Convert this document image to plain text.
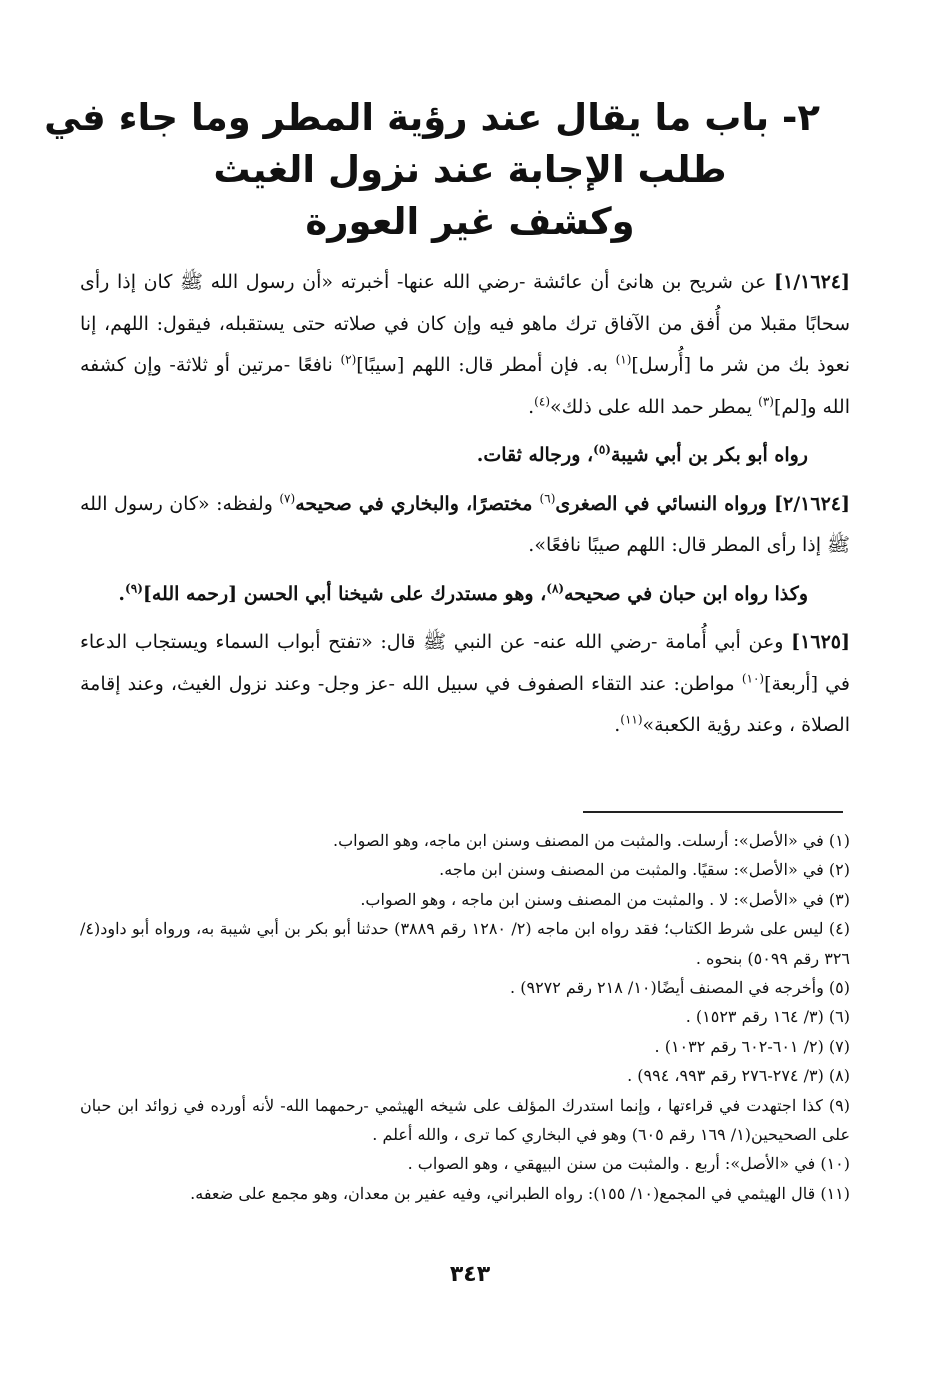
٢- باب ما يقال عند رؤية المطر وما جاء في
طلب الإجابة عند نزول الغيث
وكشف غير العورة

[١/١٦٢٤] عن شريح بن هانئ أن عائشة -رضي الله عنها- أخبرته «أن رسول الله ﷺ كان إذا رأى سحابًا مقبلا من أُفق من الآفاق ترك ماهو فيه وإن كان في صلاته حتى يستقبله، فيقول: اللهم، إنا نعوذ بك من شر ما [أُرسل]$^{(١)}$ به. فإن أمطر قال: اللهم [سيبًا]$^{(٢)}$ نافعًا -مرتين أو ثلاثة- وإن كشفه الله و[لم]$^{(٣)}$ يمطر حمد الله على ذلك»$^{(٤)}$.

رواه أبو بكر بن أبي شيبة$^{(٥)}$، ورجاله ثقات.

[٢/١٦٢٤] ورواه النسائي في الصغرى$^{(٦)}$ مختصرًا، والبخاري في صحيحه$^{(٧)}$ ولفظه: «كان رسول الله ﷺ إذا رأى المطر قال: اللهم صيبًا نافعًا».

وكذا رواه ابن حبان في صحيحه$^{(٨)}$، وهو مستدرك على شيخنا أبي الحسن [رحمه الله]$^{(٩)}$.

[١٦٢٥] وعن أبي أُمامة -رضي الله عنه- عن النبي ﷺ قال: «تفتح أبواب السماء ويستجاب الدعاء في [أربعة]$^{(١٠)}$ مواطن: عند التقاء الصفوف في سبيل الله -عز وجل- وعند نزول الغيث، وعند إقامة الصلاة ، وعند رؤية الكعبة»$^{(١١)}$.

(١) في «الأصل»: أرسلت. والمثبت من المصنف وسنن ابن ماجه، وهو الصواب.

(٢) في «الأصل»: سقيًا. والمثبت من المصنف وسنن ابن ماجه.

(٣) في «الأصل»: لا . والمثبت من المصنف وسنن ابن ماجه ، وهو الصواب.

(٤) ليس على شرط الكتاب؛ فقد رواه ابن ماجه (٢/ ١٢٨٠ رقم ٣٨٨٩) حدثنا أبو بكر بن أبي شيبة به، ورواه أبو داود(٤/ ٣٢٦ رقم ٥٠٩٩) بنحوه .

(٥) وأخرجه في المصنف أيضًا(١٠/ ٢١٨ رقم ٩٢٧٢) .

(٦) (٣/ ١٦٤ رقم ١٥٢٣) .

(٧) (٢/ ٦٠١-٦٠٢ رقم ١٠٣٢) .

(٨) (٣/ ٢٧٤-٢٧٦ رقم ٩٩٣، ٩٩٤) .

(٩) كذا اجتهدت في قراءتها ، وإنما استدرك المؤلف على شيخه الهيثمي -رحمهما الله- لأنه أورده في زوائد ابن حبان على الصحيحين(١/ ١٦٩ رقم ٦٠٥) وهو في البخاري كما ترى ، والله أعلم .

(١٠) في «الأصل»: أربع . والمثبت من سنن البيهقي ، وهو الصواب .

(١١) قال الهيثمي في المجمع(١٠/ ١٥٥): رواه الطبراني، وفيه عفير بن معدان، وهو مجمع على ضعفه.

٣٤٣
